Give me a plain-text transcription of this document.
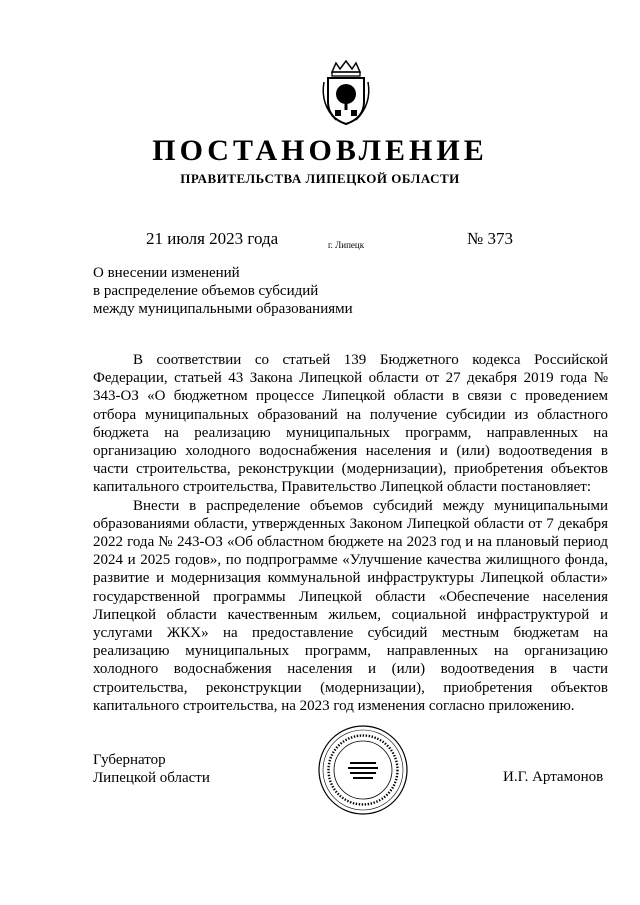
ПОСТАНОВЛЕНИЕ
ПРАВИТЕЛЬСТВА ЛИПЕЦКОЙ ОБЛАСТИ
21 июля 2023 года	г. Липецк	№ 373
О внесении изменений
в распределение объемов субсидий
между муниципальными образованиями

В соответствии со статьей 139 Бюджетного кодекса Российской Федерации, статьей 43 Закона Липецкой области от 27 декабря 2019 года № 343-ОЗ «О бюджетном процессе Липецкой области в связи с проведением отбора муниципальных образований на получение субсидии из областного бюджета на реализацию муниципальных программ, направленных на организацию холодного водоснабжения населения и (или) водоотведения в части строительства, реконструкции (модернизации), приобретения объектов капитального строительства, Правительство Липецкой области постановляет:

Внести в распределение объемов субсидий между муниципальными образованиями области, утвержденных Законом Липецкой области от 7 декабря 2022 года № 243-ОЗ «Об областном бюджете на 2023 год и на плановый период 2024 и 2025 годов», по подпрограмме «Улучшение качества жилищного фонда, развитие и модернизация коммунальной инфраструктуры Липецкой области» государственной программы Липецкой области «Обеспечение населения Липецкой области качественным жильем, социальной инфраструктурой и услугами ЖКХ» на предоставление субсидий местным бюджетам на реализацию муниципальных программ, направленных на организацию холодного водоснабжения населения и (или) водоотведения в части строительства, реконструкции (модернизации), приобретения объектов капитального строительства, на 2023 год изменения согласно приложению.

Губернатор
Липецкой области	И.Г. Артамонов
